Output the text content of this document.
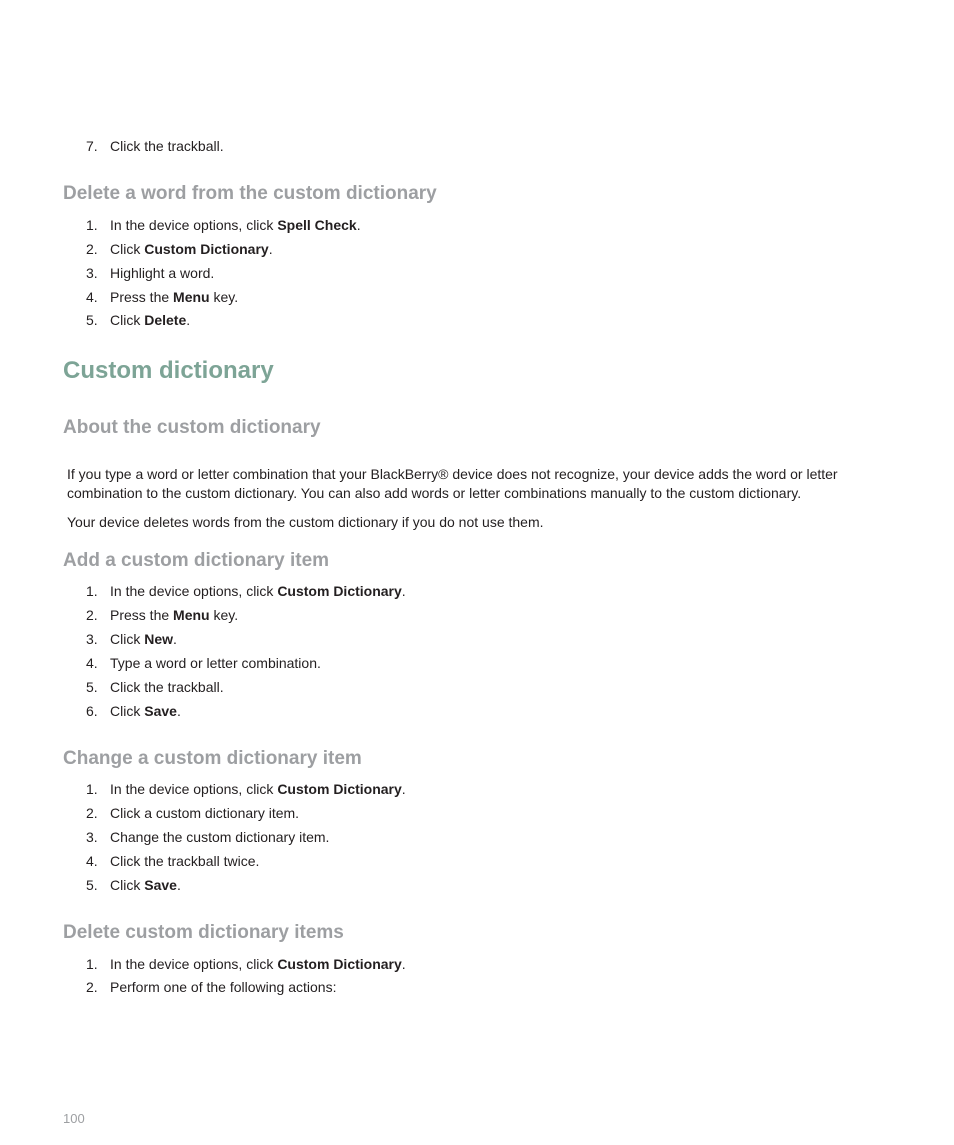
7. Click the trackball.
Delete a word from the custom dictionary
1. In the device options, click Spell Check.
2. Click Custom Dictionary.
3. Highlight a word.
4. Press the Menu key.
5. Click Delete.
Custom dictionary
About the custom dictionary

If you type a word or letter combination that your BlackBerry® device does not recognize, your device adds the word or letter combination to the custom dictionary. You can also add words or letter combinations manually to the custom dictionary.

Your device deletes words from the custom dictionary if you do not use them.

Add a custom dictionary item
1. In the device options, click Custom Dictionary.
2. Press the Menu key.
3. Click New.
4. Type a word or letter combination.
5. Click the trackball.
6. Click Save.
Change a custom dictionary item
1. In the device options, click Custom Dictionary.
2. Click a custom dictionary item.
3. Change the custom dictionary item.
4. Click the trackball twice.
5. Click Save.
Delete custom dictionary items
1. In the device options, click Custom Dictionary.
2. Perform one of the following actions:
100
